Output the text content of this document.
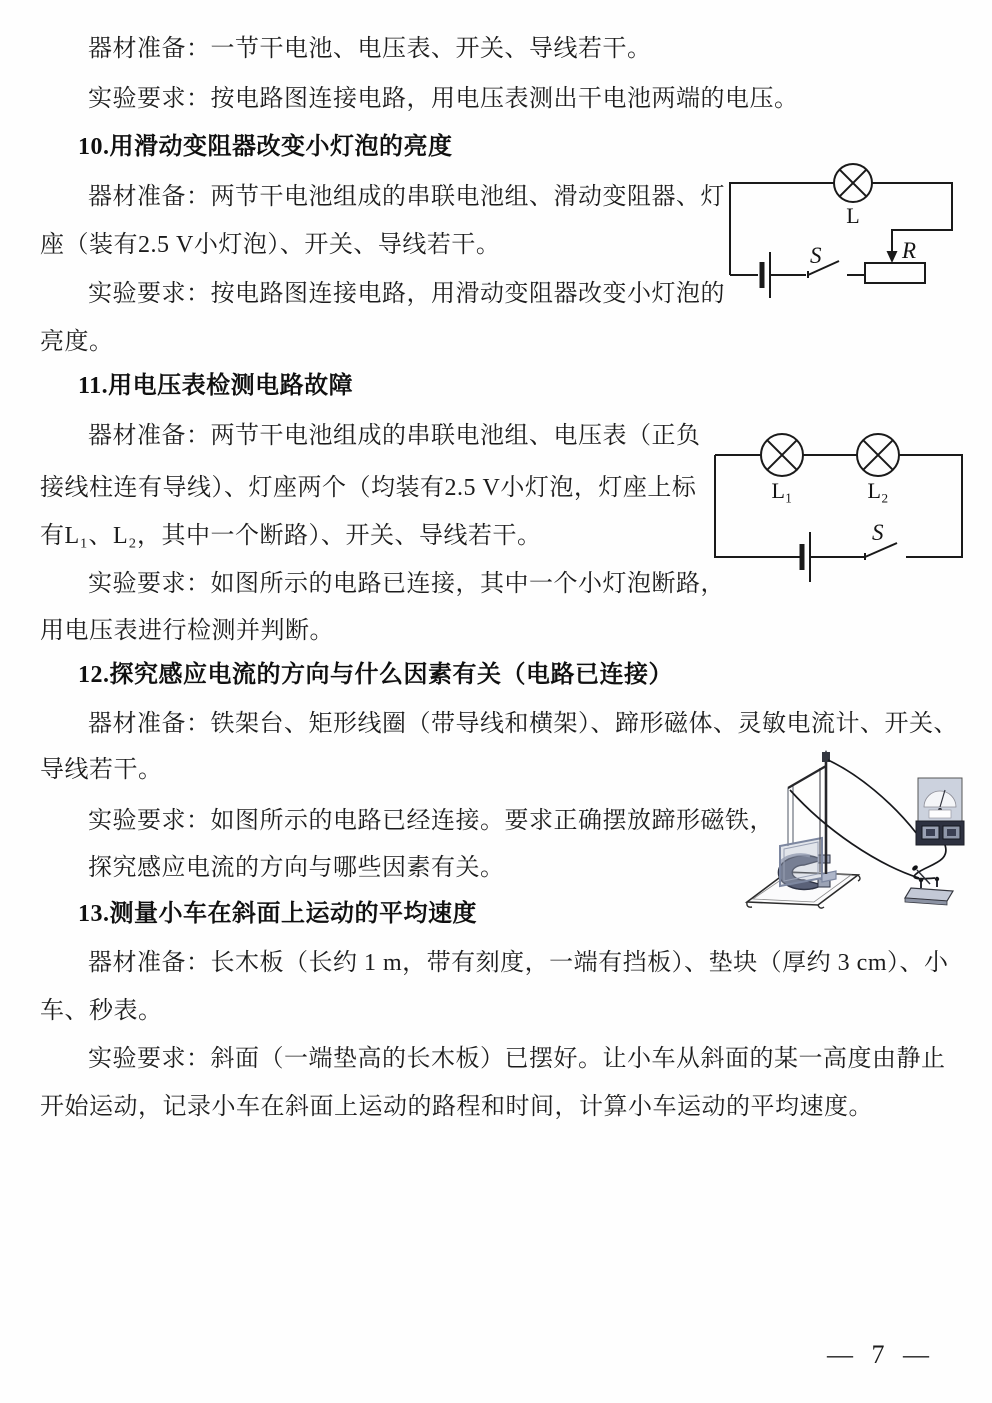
器材准备：一节干电池、电压表、开关、导线若干。
实验要求：按电路图连接电路，用电压表测出干电池两端的电压。
10.用滑动变阻器改变小灯泡的亮度
器材准备：两节干电池组成的串联电池组、滑动变阻器、灯
座（装有2.5 V小灯泡）、开关、导线若干。
实验要求：按电路图连接电路，用滑动变阻器改变小灯泡的
亮度。
11.用电压表检测电路故障
器材准备：两节干电池组成的串联电池组、电压表（正负
接线柱连有导线）、灯座两个（均装有2.5 V小灯泡，灯座上标
有L₁、L₂，其中一个断路）、开关、导线若干。
实验要求：如图所示的电路已连接，其中一个小灯泡断路，
用电压表进行检测并判断。
12.探究感应电流的方向与什么因素有关（电路已连接）
器材准备：铁架台、矩形线圈（带导线和横架）、蹄形磁体、灵敏电流计、开关、
导线若干。
实验要求：如图所示的电路已经连接。要求正确摆放蹄形磁铁，
探究感应电流的方向与哪些因素有关。
13.测量小车在斜面上运动的平均速度
器材准备：长木板（长约 1 m，带有刻度，一端有挡板）、垫块（厚约 3 cm）、小
车、秒表。
实验要求：斜面（一端垫高的长木板）已摆好。让小车从斜面的某一高度由静止
开始运动，记录小车在斜面上运动的路程和时间，计算小车运动的平均速度。
L
S	R
L₁	L₂
S
— 7 —
